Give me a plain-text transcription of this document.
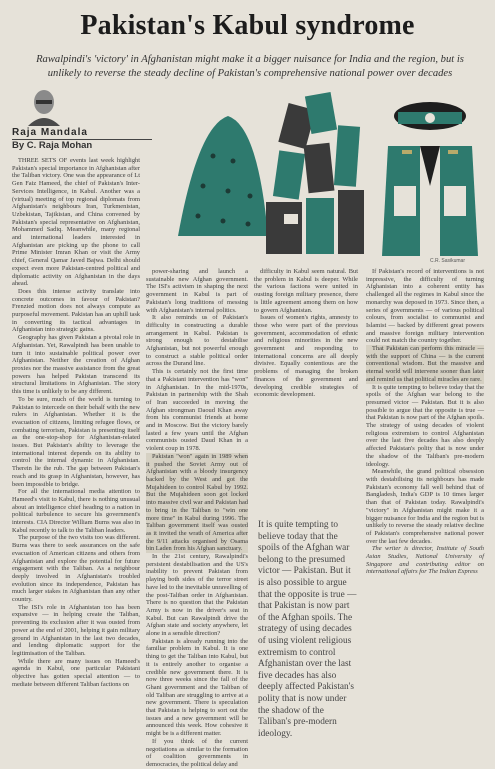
Pakistan's Kabul syndrome
Rawalpindi's 'victory' in Afghanistan might make it a bigger nuisance for India and the region, but is unlikely to reverse the steady decline of Pakistan's comprehensive national power over decades
Raja Mandala
By C. Raja Mohan
C.R. Sasikumar

THREE SETS OF events last week highlight Pakistan's special importance in Afghanistan after the Taliban victory. One was the appearance of Lt Gen Faiz Hameed, the chief of Pakistan's Inter-Services Intelligence, in Kabul. Another was a (virtual) meeting of top regional diplomats from Afghanistan's neighbours Iran, Turkmenistan, Uzbekistan, Tajikistan, and China convened by Pakistan's special representative on Afghanistan, Mohammed Sadiq. Meanwhile, many regional and international leaders interested in Afghanistan are picking up the phone to call Prime Minister Imran Khan or visit the Army chief, General Qamar Javed Bajwa. Delhi should expect even more Pakistan-centred political and diplomatic activity on Afghanistan in the days ahead.

Does this intense activity translate into concrete outcomes in favour of Pakistan? Frenzied motion does not always compute as purposeful movement. Pakistan has an uphill task in converting its tactical advantages in Afghanistan into strategic gains.

Geography has given Pakistan a pivotal role in Afghanistan. Yet, Rawalpindi has been unable to turn it into sustainable political power over Afghanistan. Neither the creation of Afghan proxies nor the massive assistance from the great powers has helped Pakistan transcend its structural limitations in Afghanistan. The story this time is unlikely to be any different.

To be sure, much of the world is turning to Pakistan to intercede on their behalf with the new rulers in Afghanistan. Whether it is the evacuation of citizens, limiting refugee flows, or combating terrorism, Pakistan is presenting itself as the one-stop-shop for Afghanistan-related issues. But Pakistan's ability to leverage the international interest depends on its ability to control the internal dynamic in Afghanistan. Therein lie the rub. The gap between Pakistan's reach and its grasp in Afghanistan, however, has been impossible to bridge.

For all the international media attention to Hameed's visit to Kabul, there is nothing unusual about an intelligence chief heading to a nation in political turbulence to secure his government's interests. CIA Director William Burns was also in Kabul recently to talk to the Taliban leaders.

The purpose of the two visits too was different. Burns was there to seek assurances on the safe evacuation of American citizens and others from Afghanistan and explore the potential for future engagement with the Taliban. As a neighbour deeply involved in Afghanistan's troubled evolution since its independence, Pakistan has much larger stakes in Afghanistan than any other country.

The ISI's role in Afghanistan too has been expansive — in helping create the Taliban, preventing its exclusion after it was ousted from power at the end of 2001, helping it gain military ground in Afghanistan in the last two decades, and lending diplomatic support for the legitimisation of the Taliban.

While there are many issues on Hameed's agenda in Kabul, one particular Pakistani objective has gotten special attention — to mediate between different Taliban factions on

power-sharing and launch a sustainable new Afghan government. The ISI's activism in shaping the next government in Kabul is part of Pakistan's long traditions of messing with Afghanistan's internal politics.

It also reminds us of Pakistan's difficulty in constructing a durable arrangement in Kabul. Pakistan is strong enough to destabilise Afghanistan, but not powerful enough to construct a stable political order across the Durand line.

This is certainly not the first time that a Pakistani intervention has "won" in Afghanistan. In the mid-1970s, Pakistan in partnership with the Shah of Iran succeeded in moving the Afghan strongman Daoud Khan away from his communist friends at home and in Moscow. But the victory barely lasted a few years until the Afghan communists ousted Daud Khan in a violent coup in 1978.

Pakistan "won" again in 1989 when it pushed the Soviet Army out of Afghanistan with a bloody insurgency backed by the West and got the Mujahideen to control Kabul by 1992. But the Mujahideen soon got locked into massive civil war and Pakistan had to bring in the Taliban to "win one more time" in Kabul during 1996. The Taliban government itself was ousted as it invited the wrath of America after the 9/11 attacks organised by Osama bin Laden from his Afghan sanctuary.

In the 21st century, Rawalpindi's persistent destabilisation and the US's inability to prevent Pakistan from playing both sides of the terror street have led to the inevitable unravelling of the post-Taliban order in Afghanistan. There is no question that the Pakistan Army is now in the driver's seat in Kabul. But can Rawalpindi drive the Afghan state and society anywhere, let alone in a sensible direction?

Pakistan is already running into the familiar problem in Kabul. It is one thing to get the Taliban into Kabul, but it is entirely another to organise a credible new government there. It is now three weeks since the fall of the Ghani government and the Taliban of old Taliban are struggling to arrive at a new government. There is speculation that Pakistan is helping to sort out the issues and a new government will be announced this week. How cohesive it might be is a different matter.

If you think of the current negotiations as similar to the formation of coalition governments in democracies, the political delay and

difficulty in Kabul seem natural. But the problem in Kabul is deeper. While the various factions were united in ousting foreign military presence, there is little agreement among them on how to govern Afghanistan.

Issues of women's rights, amnesty to those who were part of the previous government, accommodation of ethnic and religious minorities in the new government and responding to international concerns are all deeply divisive. Equally contentious are the problems of managing the broken finances of the government and developing credible strategies of economic development.

It is quite tempting to believe today that the spoils of the Afghan war belong to the presumed victor — Pakistan. But it is also possible to argue that the opposite is true — that Pakistan is now part of the Afghan spoils. The strategy of using decades of using violent religious extremism to control Afghanistan over the last five decades has also deeply affected Pakistan's polity that is now under the shadow of the Taliban's pre-modern ideology.

If Pakistan's record of interventions is not impressive, the difficulty of turning Afghanistan into a coherent entity has challenged all the regimes in Kabul since the monarchy was deposed in 1973. Since then, a series of governments — of various political colours, from socialist to communist and Islamist — backed by different great powers and massive foreign military intervention could not match the country together.

That Pakistan can perform this miracle — with the support of China — is the current conventional wisdom. But the massive and eternal world will intervene sooner than later and remind us that political miracles are rare.

It is quite tempting to believe today that the spoils of the Afghan war belong to the presumed victor — Pakistan. But it is also possible to argue that the opposite is true — that Pakistan is now part of the Afghan spoils. The strategy of using decades of violent religious extremism to control Afghanistan over the last five decades has also deeply affected Pakistan's polity that is now under the shadow of the Taliban's pre-modern ideology.

Meanwhile, the grand political obsession with destabilising its neighbours has made Pakistan's economy fall well behind that of Bangladesh, India's GDP is 10 times larger than that of Pakistan today. Rawalpindi's "victory" in Afghanistan might make it a bigger nuisance for India and the region but is unlikely to reverse the steady relative decline of Pakistan's comprehensive national power over the last few decades.

The writer is director, Institute of South Asian Studies, National University of Singapore and contributing editor on international affairs for The Indian Express
